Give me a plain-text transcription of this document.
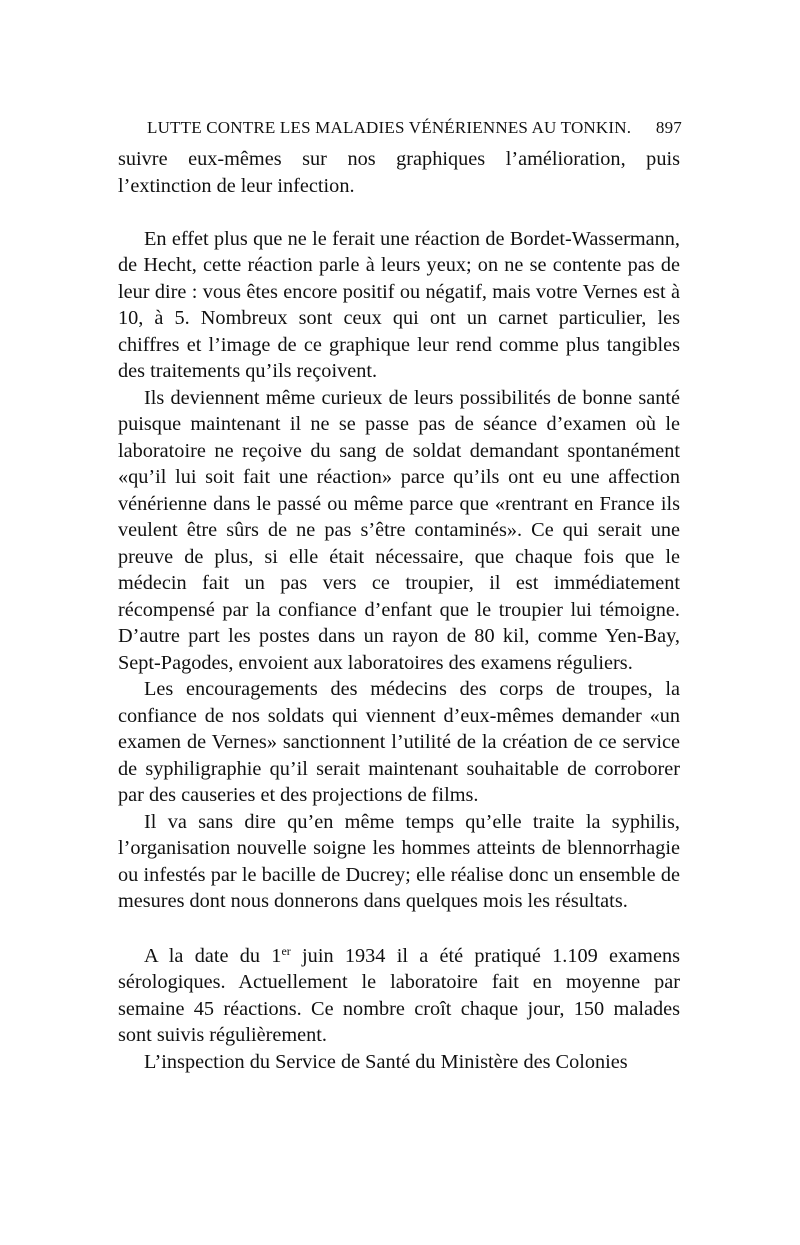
LUTTE CONTRE LES MALADIES VÉNÉRIENNES AU TONKIN. 897

suivre eux-mêmes sur nos graphiques l’amélioration, puis l’extinction de leur infection.

En effet plus que ne le ferait une réaction de Bordet-Wassermann, de Hecht, cette réaction parle à leurs yeux; on ne se contente pas de leur dire : vous êtes encore positif ou négatif, mais votre Vernes est à 10, à 5. Nombreux sont ceux qui ont un carnet particulier, les chiffres et l’image de ce graphique leur rend comme plus tangibles des traitements qu’ils reçoivent.

Ils deviennent même curieux de leurs possibilités de bonne santé puisque maintenant il ne se passe pas de séance d’examen où le laboratoire ne reçoive du sang de soldat demandant spontanément «qu’il lui soit fait une réaction» parce qu’ils ont eu une affection vénérienne dans le passé ou même parce que «rentrant en France ils veulent être sûrs de ne pas s’être contaminés». Ce qui serait une preuve de plus, si elle était nécessaire, que chaque fois que le médecin fait un pas vers ce troupier, il est immédiatement récompensé par la confiance d’enfant que le troupier lui témoigne. D’autre part les postes dans un rayon de 80 kil, comme Yen-Bay, Sept-Pagodes, envoient aux laboratoires des examens réguliers.

Les encouragements des médecins des corps de troupes, la confiance de nos soldats qui viennent d’eux-mêmes demander «un examen de Vernes» sanctionnent l’utilité de la création de ce service de syphiligraphie qu’il serait maintenant souhaitable de corroborer par des causeries et des projections de films.

Il va sans dire qu’en même temps qu’elle traite la syphilis, l’organisation nouvelle soigne les hommes atteints de blennorrhagie ou infestés par le bacille de Ducrey; elle réalise donc un ensemble de mesures dont nous donnerons dans quelques mois les résultats.

A la date du 1er juin 1934 il a été pratiqué 1.109 examens sérologiques. Actuellement le laboratoire fait en moyenne par semaine 45 réactions. Ce nombre croît chaque jour, 150 malades sont suivis régulièrement.

L’inspection du Service de Santé du Ministère des Colonies
